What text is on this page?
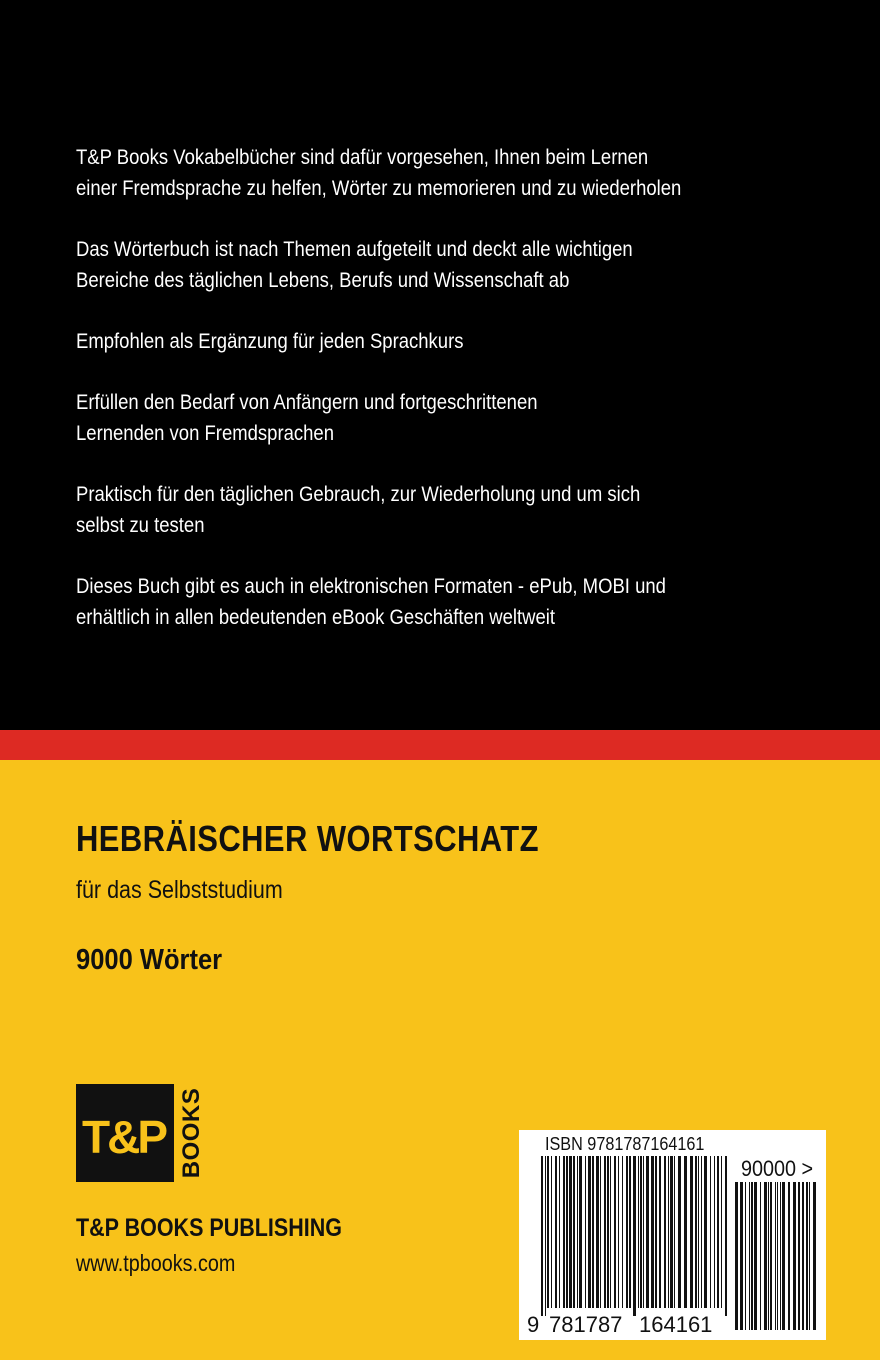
T&P Books Vokabelbücher sind dafür vorgesehen, Ihnen beim Lernen
einer Fremdsprache zu helfen, Wörter zu memorieren und zu wiederholen

Das Wörterbuch ist nach Themen aufgeteilt und deckt alle wichtigen
Bereiche des täglichen Lebens, Berufs und Wissenschaft ab

Empfohlen als Ergänzung für jeden Sprachkurs

Erfüllen den Bedarf von Anfängern und fortgeschrittenen
Lernenden von Fremdsprachen

Praktisch für den täglichen Gebrauch, zur Wiederholung und um sich
selbst zu testen

Dieses Buch gibt es auch in elektronischen Formaten - ePub, MOBI und
erhältlich in allen bedeutenden eBook Geschäften weltweit

HEBRÄISCHER WORTSCHATZ
für das Selbststudium
9000 Wörter
T&P BOOKS
T&P BOOKS PUBLISHING
www.tpbooks.com
ISBN 9781787164161
90000 >
9 781787 164161
